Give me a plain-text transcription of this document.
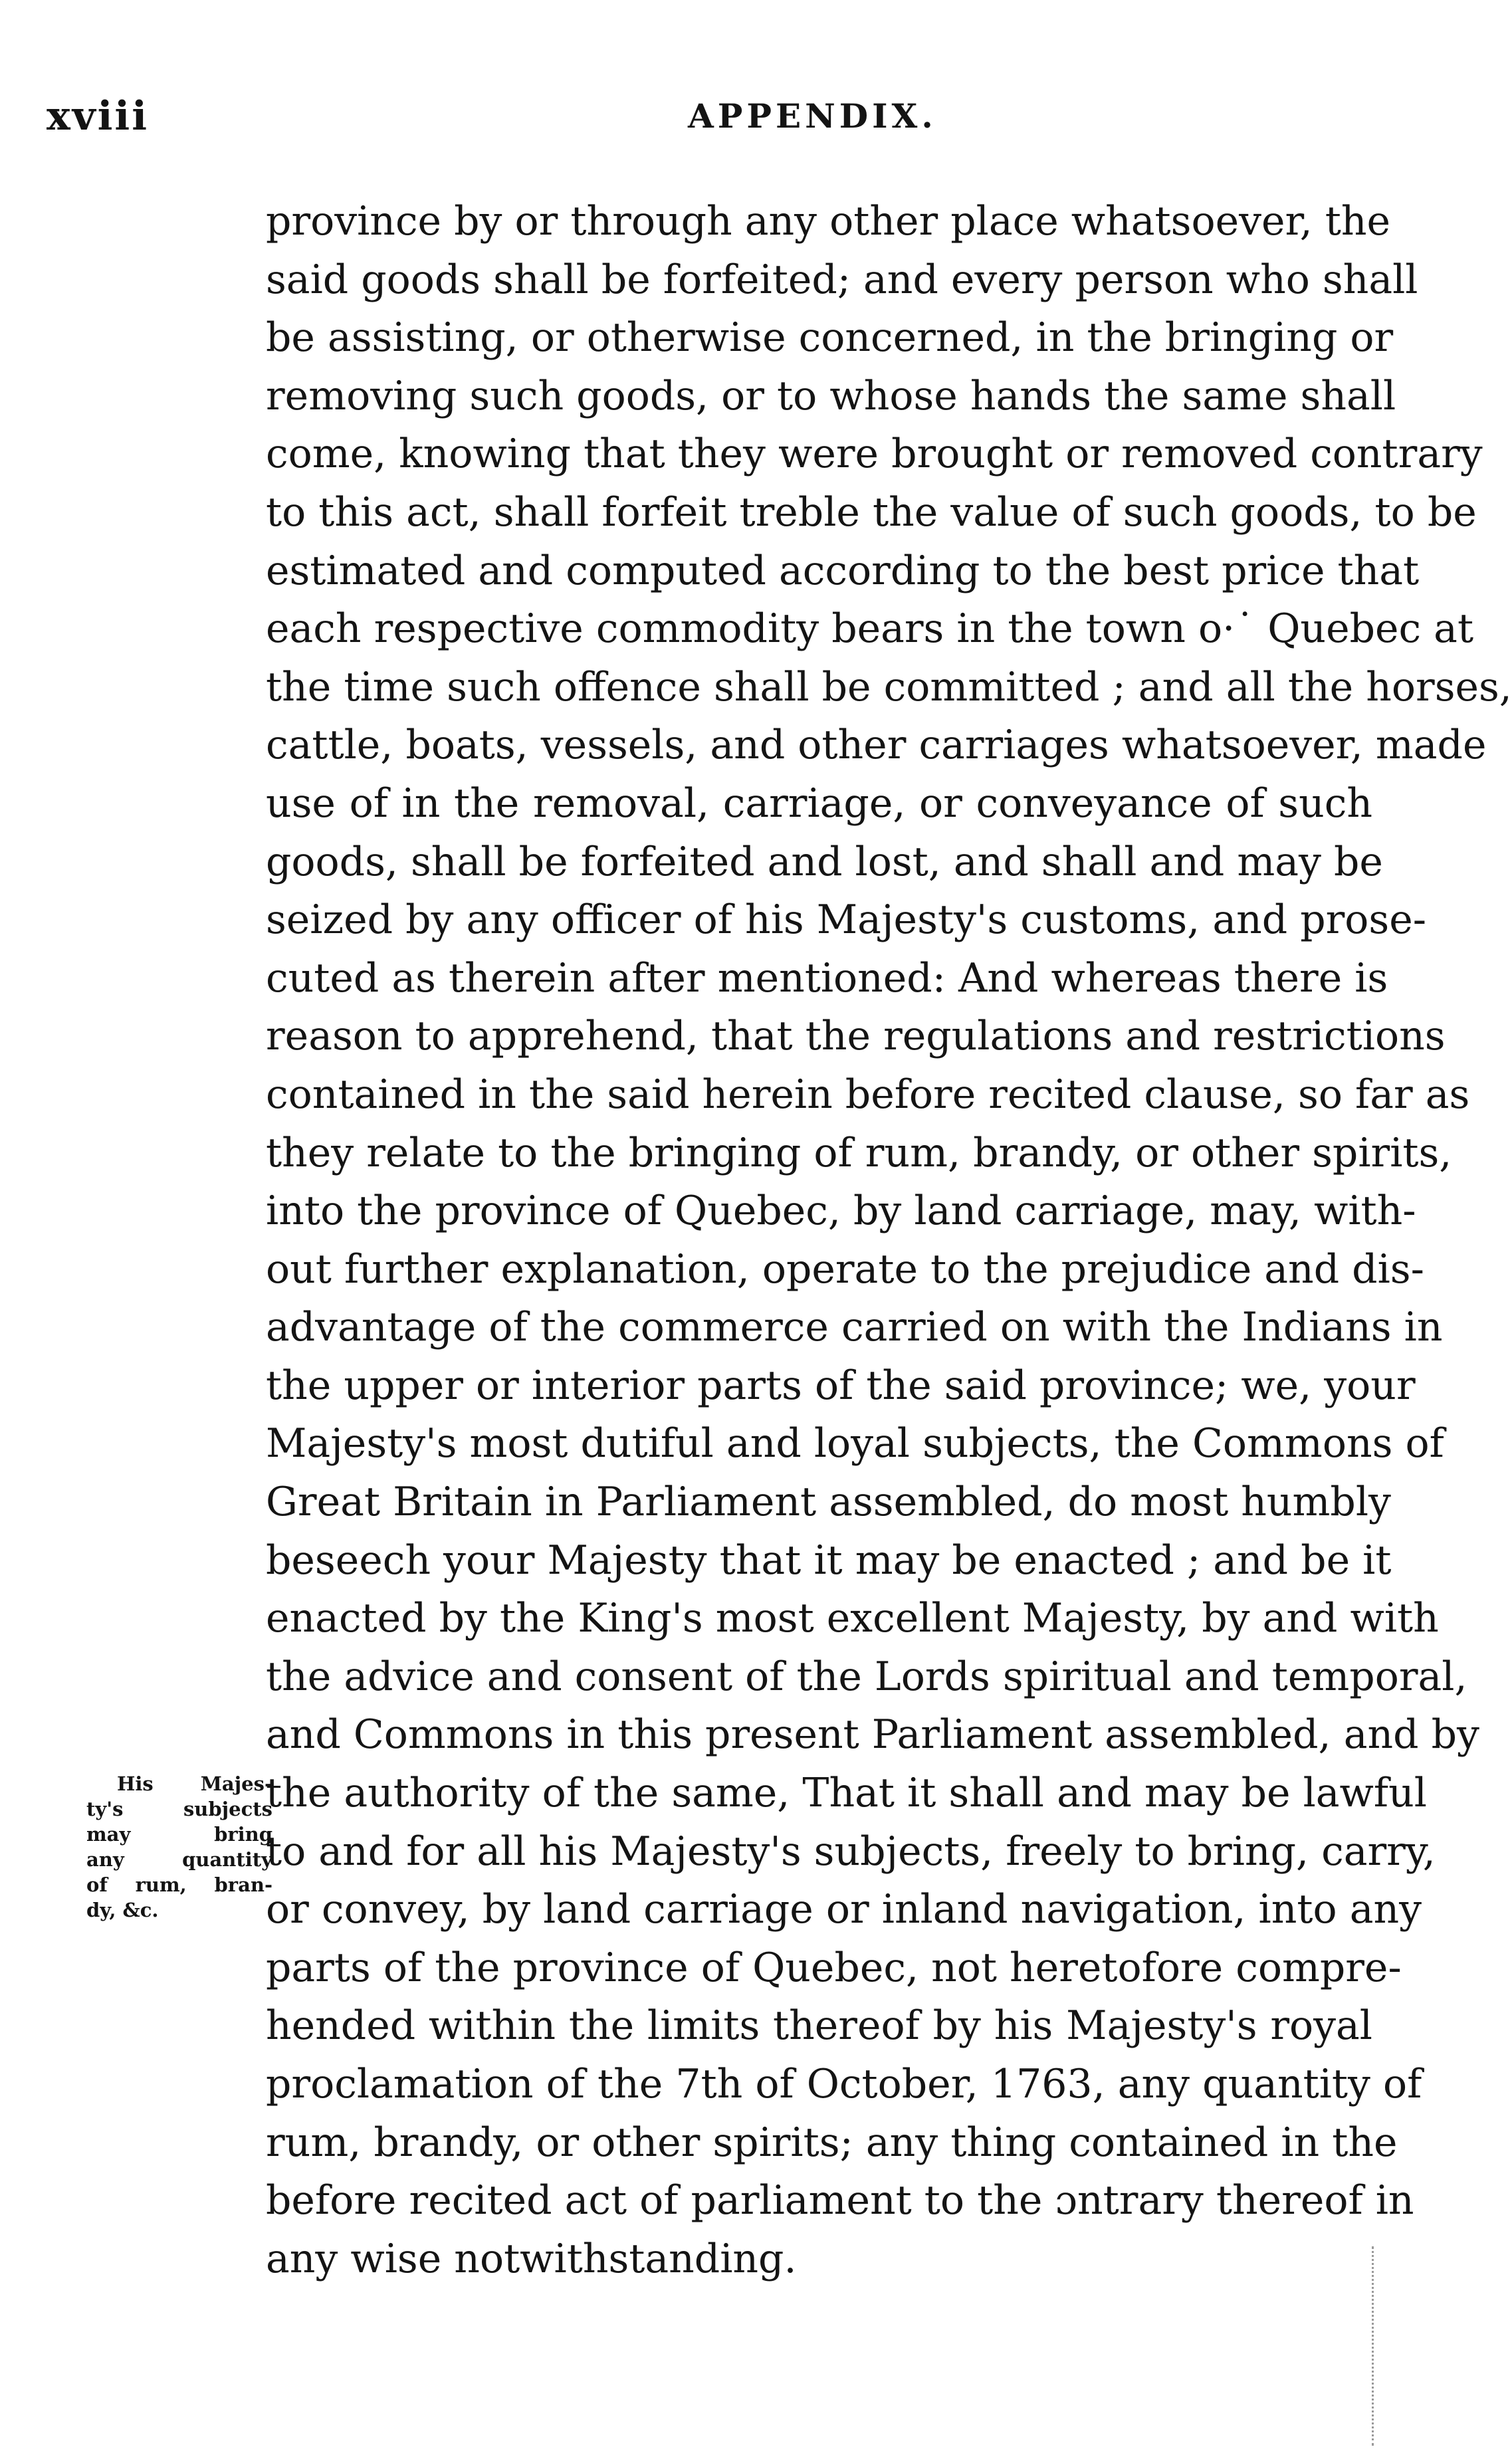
xviii	APPENDIX.
province by or through any other place whatsoever, the
said goods shall be forfeited; and every person who shall
be assisting, or otherwise concerned, in the bringing or
removing such goods, or to whose hands the same shall
come, knowing that they were brought or removed contrary
to this act, shall forfeit treble the value of such goods, to be
estimated and computed according to the best price that
each respective commodity bears in the town o·˙ Quebec at
the time such offence shall be committed ; and all the horses,
cattle, boats, vessels, and other carriages whatsoever, made
use of in the removal, carriage, or conveyance of such
goods, shall be forfeited and lost, and shall and may be
seized by any officer of his Majesty's customs, and prose-
cuted as therein after mentioned: And whereas there is
reason to apprehend, that the regulations and restrictions
contained in the said herein before recited clause, so far as
they relate to the bringing of rum, brandy, or other spirits,
into the province of Quebec, by land carriage, may, with-
out further explanation, operate to the prejudice and dis-
advantage of the commerce carried on with the Indians in
the upper or interior parts of the said province; we, your
Majesty's most dutiful and loyal subjects, the Commons of
Great Britain in Parliament assembled, do most humbly
beseech your Majesty that it may be enacted ; and be it
enacted by the King's most excellent Majesty, by and with
the advice and consent of the Lords spiritual and temporal,
and Commons in this present Parliament assembled, and by
the authority of the same, That it shall and may be lawful
to and for all his Majesty's subjects, freely to bring, carry,
or convey, by land carriage or inland navigation, into any
parts of the province of Quebec, not heretofore compre-
hended within the limits thereof by his Majesty's royal
proclamation of the 7th of October, 1763, any quantity of
rum, brandy, or other spirits; any thing contained in the
before recited act of parliament to the ɔntrary thereof in
any wise notwithstanding.
His Majes-
ty's subjects
may bring
any quantity
of rum, bran-
dy, &c.
